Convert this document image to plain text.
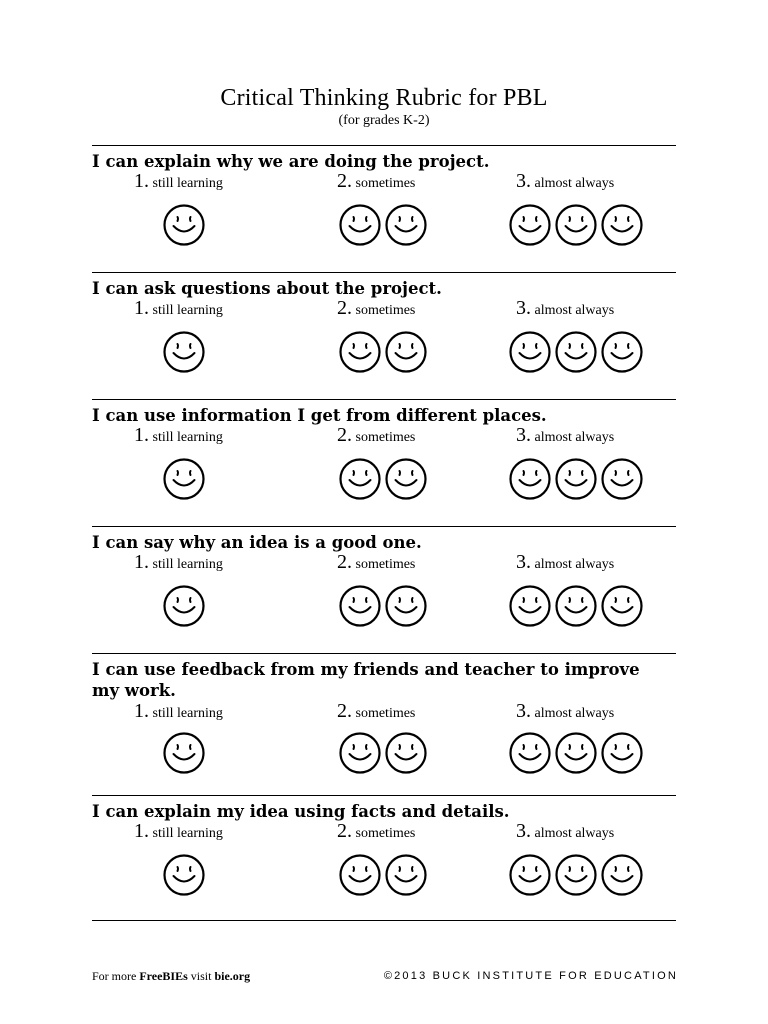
Critical Thinking Rubric for PBL
(for grades K-2)
I can explain why we are doing the project.
1. still learning	2. sometimes	3. almost always
I can ask questions about the project.
1. still learning	2. sometimes	3. almost always
I can use information I get from different places.
1. still learning	2. sometimes	3. almost always
I can say why an idea is a good one.
1. still learning	2. sometimes	3. almost always
I can use feedback from my friends and teacher to improve my work.
1. still learning	2. sometimes	3. almost always
I can explain my idea using facts and details.
1. still learning	2. sometimes	3. almost always
For more FreeBIEs visit bie.org	©2013 BUCK INSTITUTE FOR EDUCATION
